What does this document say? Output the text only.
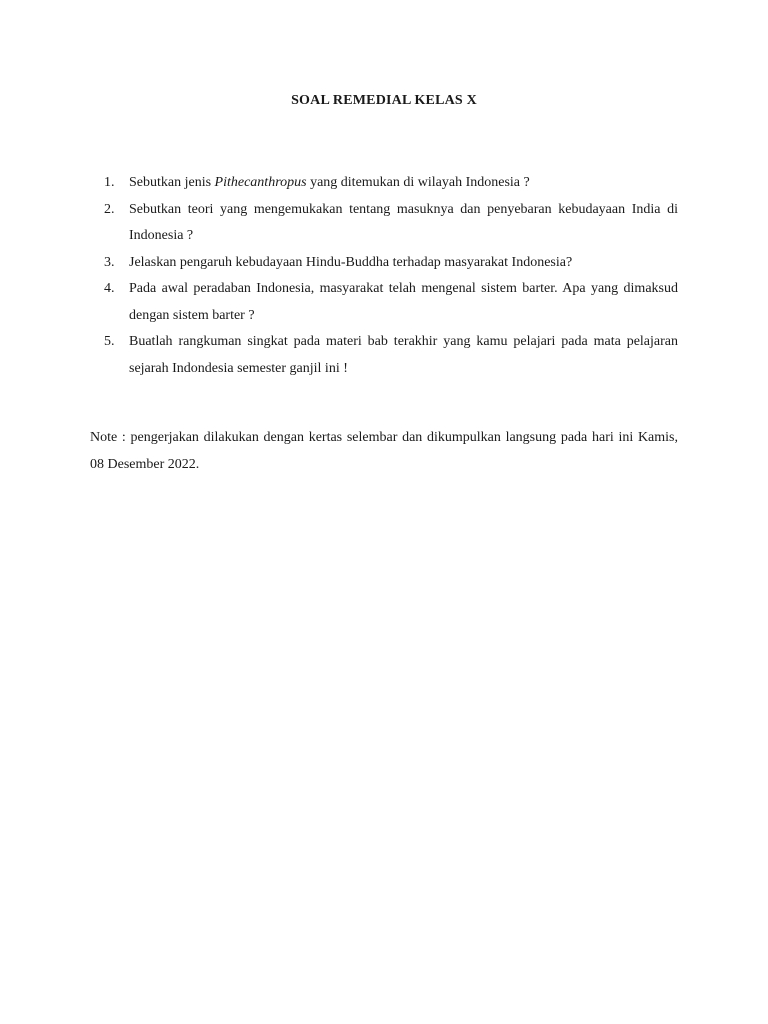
SOAL REMEDIAL KELAS X
1. Sebutkan jenis Pithecanthropus yang ditemukan di wilayah Indonesia ?
2. Sebutkan teori yang mengemukakan tentang masuknya dan penyebaran kebudayaan India di Indonesia ?
3. Jelaskan pengaruh kebudayaan Hindu-Buddha terhadap masyarakat Indonesia?
4. Pada awal peradaban Indonesia, masyarakat telah mengenal sistem barter. Apa yang dimaksud dengan sistem barter ?
5. Buatlah rangkuman singkat pada materi bab terakhir yang kamu pelajari pada mata pelajaran sejarah Indondesia semester ganjil ini !

Note : pengerjakan dilakukan dengan kertas selembar dan dikumpulkan langsung pada hari ini Kamis, 08 Desember 2022.
